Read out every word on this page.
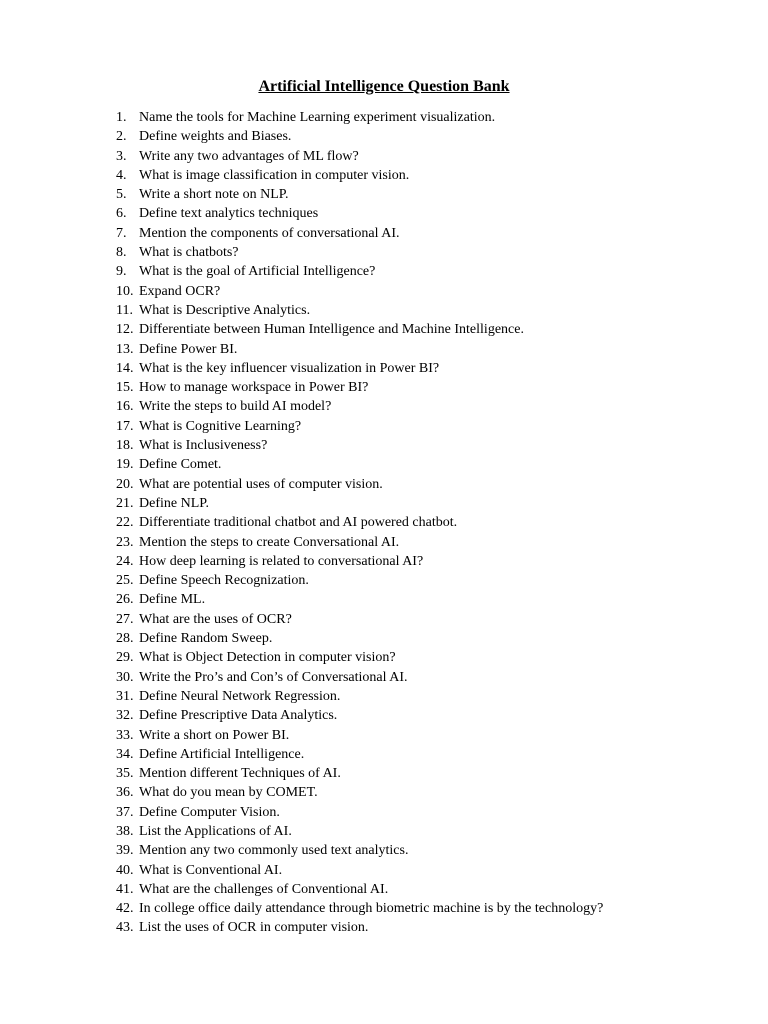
Artificial Intelligence Question Bank
1. Name the tools for Machine Learning experiment visualization.
2. Define weights and Biases.
3. Write any two advantages of ML flow?
4. What is image classification in computer vision.
5. Write a short note on NLP.
6. Define text analytics techniques
7. Mention the components of conversational AI.
8. What is chatbots?
9. What is the goal of Artificial Intelligence?
10. Expand OCR?
11. What is Descriptive Analytics.
12. Differentiate between Human Intelligence and Machine Intelligence.
13. Define Power BI.
14. What is the key influencer visualization in Power BI?
15. How to manage workspace in Power BI?
16. Write the steps to build AI model?
17. What is Cognitive Learning?
18. What is Inclusiveness?
19. Define Comet.
20. What are potential uses of computer vision.
21. Define NLP.
22. Differentiate traditional chatbot and AI powered chatbot.
23. Mention the steps to create Conversational AI.
24. How deep learning is related to conversational AI?
25. Define Speech Recognization.
26. Define ML.
27. What are the uses of OCR?
28. Define Random Sweep.
29. What is Object Detection in computer vision?
30. Write the Pro’s and Con’s of Conversational AI.
31. Define Neural Network Regression.
32. Define Prescriptive Data Analytics.
33. Write a short on Power BI.
34. Define Artificial Intelligence.
35. Mention different Techniques of AI.
36. What do you mean by COMET.
37. Define Computer Vision.
38. List the Applications of AI.
39. Mention any two commonly used text analytics.
40. What is Conventional AI.
41. What are the challenges of Conventional AI.
42. In college office daily attendance through biometric machine is by the technology?
43. List the uses of OCR in computer vision.
